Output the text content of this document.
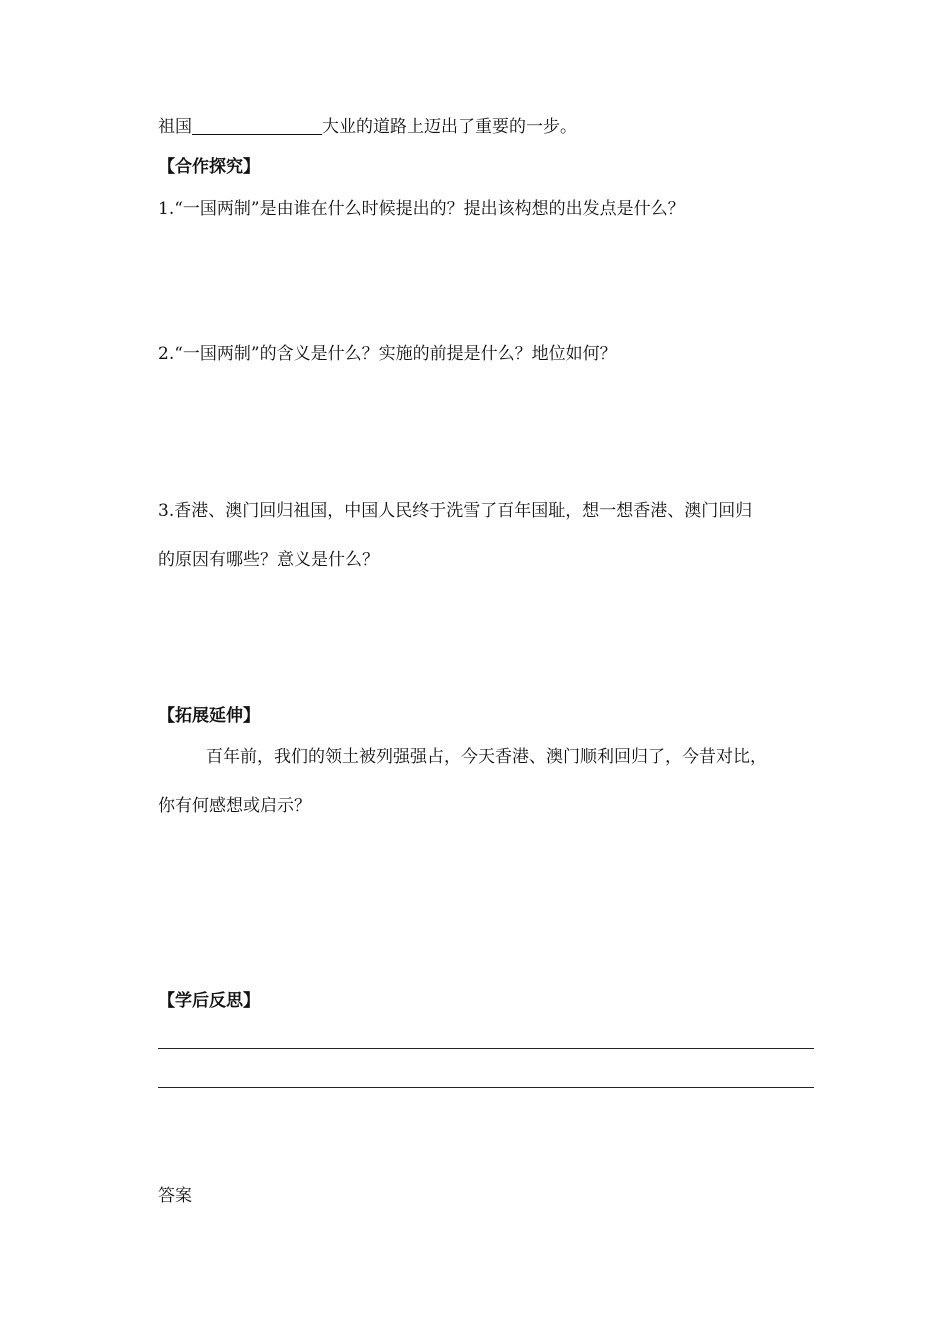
祖国	大业的道路上迈出了重要的一步。
【合作探究】
1.“一国两制”是由谁在什么时候提出的？提出该构想的出发点是什么？
2.“一国两制”的含义是什么？实施的前提是什么？地位如何？
3.香港、澳门回归祖国，中国人民终于洗雪了百年国耻，想一想香港、澳门回归
的原因有哪些？意义是什么？
【拓展延伸】
百年前，我们的领土被列强强占，今天香港、澳门顺利回归了，今昔对比，
你有何感想或启示？
【学后反思】
答案
